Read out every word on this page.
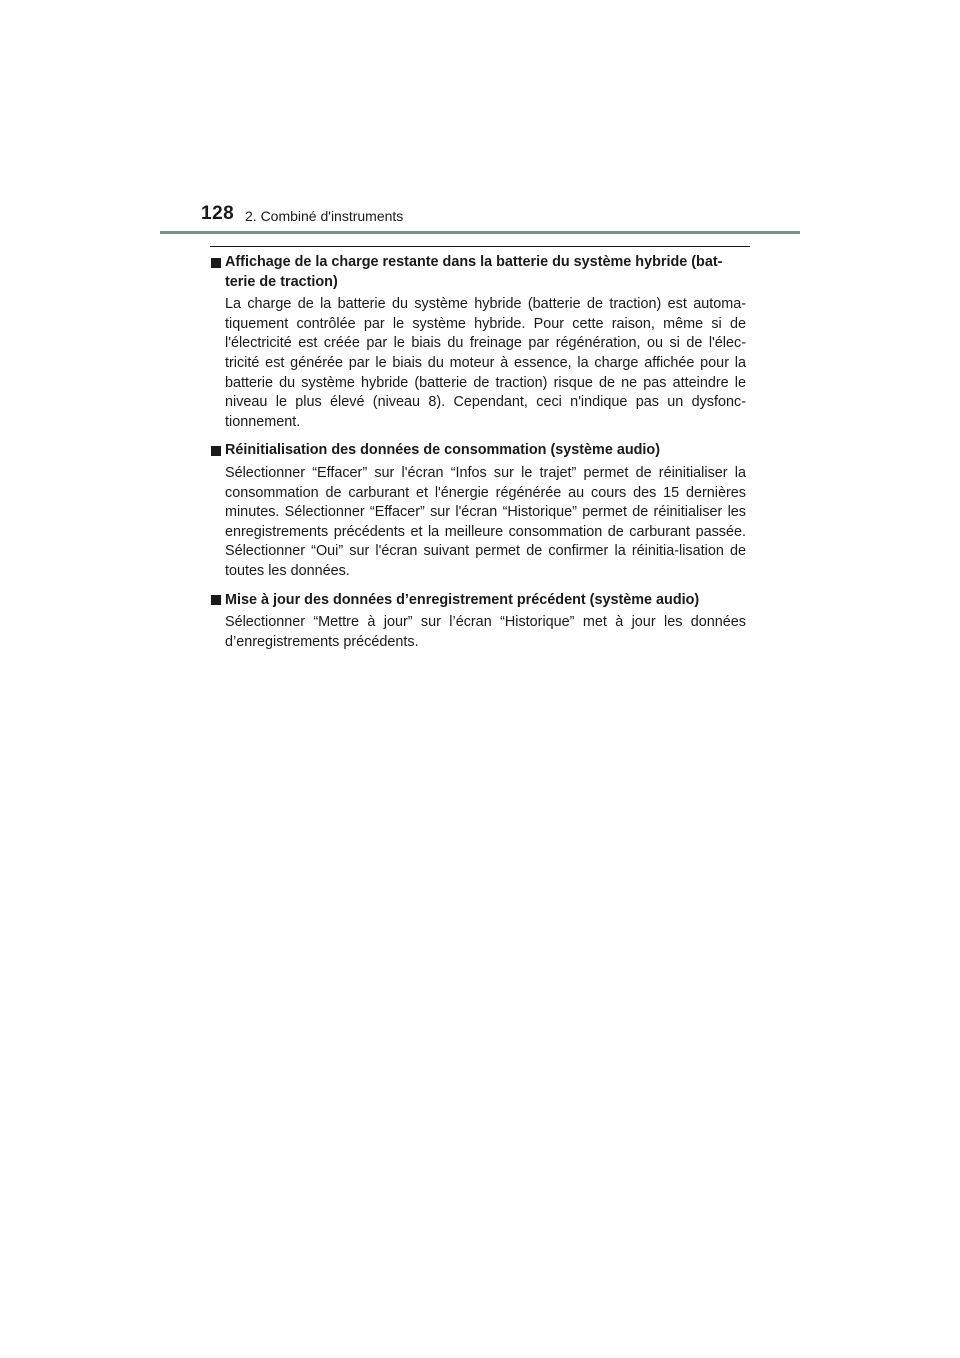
128 2. Combiné d'instruments
Affichage de la charge restante dans la batterie du système hybride (bat-terie de traction)
La charge de la batterie du système hybride (batterie de traction) est automa-tiquement contrôlée par le système hybride. Pour cette raison, même si de l'électricité est créée par le biais du freinage par régénération, ou si de l'élec-tricité est générée par le biais du moteur à essence, la charge affichée pour la batterie du système hybride (batterie de traction) risque de ne pas atteindre le niveau le plus élevé (niveau 8). Cependant, ceci n'indique pas un dysfonc-tionnement.
Réinitialisation des données de consommation (système audio)
Sélectionner “Effacer” sur l'écran “Infos sur le trajet” permet de réinitialiser la consommation de carburant et l'énergie régénérée au cours des 15 dernières minutes. Sélectionner “Effacer” sur l'écran “Historique” permet de réinitialiser les enregistrements précédents et la meilleure consommation de carburant passée. Sélectionner “Oui” sur l'écran suivant permet de confirmer la réinitia-lisation de toutes les données.
Mise à jour des données d’enregistrement précédent (système audio)
Sélectionner “Mettre à jour” sur l’écran “Historique” met à jour les données d’enregistrements précédents.
